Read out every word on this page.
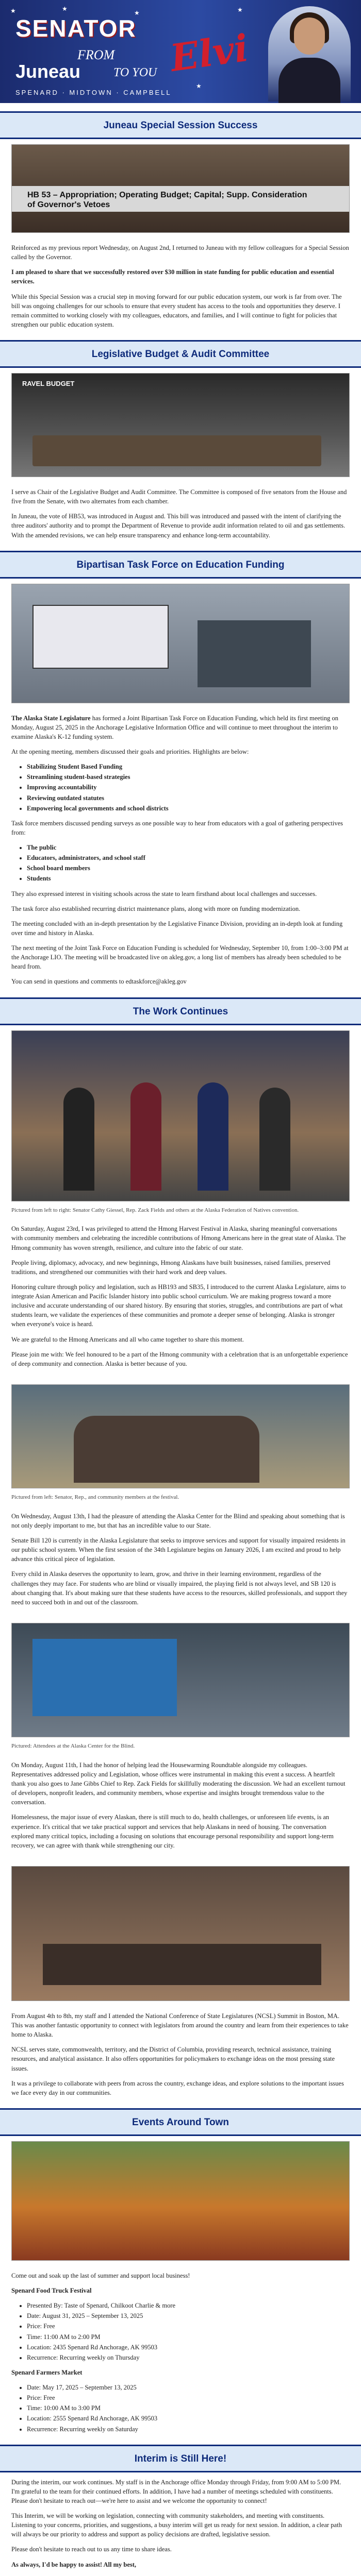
★	★
★	★
★
SENATOR
FROM
Juneau	TO YOU Elvi
SPENARD · MIDTOWN · CAMPBELL
Juneau Special Session Success
HB 53 – Appropriation; Operating Budget; Capital; Supp. Consideration of Governor's Vetoes

Reinforced as my previous report Wednesday, on August 2nd, I returned to Juneau with my fellow colleagues for a Special Session called by the Governor.

I am pleased to share that we successfully restored over $30 million in state funding for public education and essential services.

While this Special Session was a crucial step in moving forward for our public education system, our work is far from over. The bill was ongoing challenges for our schools to ensure that every student has access to the tools and opportunities they deserve. I remain committed to working closely with my colleagues, educators, and families, and I will continue to fight for policies that strengthen our public education system.

Legislative Budget & Audit Committee
RAVEL BUDGET

I serve as Chair of the Legislative Budget and Audit Committee. The Committee is composed of five senators from the House and five from the Senate, with two alternates from each chamber.

In Juneau, the vote of HB53, was introduced in August and. This bill was introduced and passed with the intent of clarifying the three auditors' authority and to prompt the Department of Revenue to provide audit information related to oil and gas settlements. With the amended revisions, we can help ensure transparency and enhance long-term accountability.

Bipartisan Task Force on Education Funding

The Alaska State Legislature has formed a Joint Bipartisan Task Force on Education Funding, which held its first meeting on Monday, August 25, 2025 in the Anchorage Legislative Information Office and will continue to meet throughout the interim to examine Alaska's K-12 funding system.

At the opening meeting, members discussed their goals and priorities. Highlights are below:

• Stabilizing Student Based Funding
• Streamlining student-based strategies
• Improving accountability
• Reviewing outdated statutes
• Empowering local governments and school districts

Task force members discussed pending surveys as one possible way to hear from educators with a goal of gathering perspectives from:

• The public
• Educators, administrators, and school staff
• School board members
• Students

They also expressed interest in visiting schools across the state to learn firsthand about local challenges and successes.

The task force also established recurring district maintenance plans, along with more on funding modernization.

The meeting concluded with an in-depth presentation by the Legislative Finance Division, providing an in-depth look at funding over time and history in Alaska.

The next meeting of the Joint Task Force on Education Funding is scheduled for Wednesday, September 10, from 1:00–3:00 PM at the Anchorage LIO. The meeting will be broadcasted live on akleg.gov, a long list of members has already been scheduled to be heard from.

You can send in questions and comments to edtaskforce@akleg.gov

The Work Continues
Pictured from left to right: Senator Cathy Giessel, Rep. Zack Fields and others at the Alaska Federation of Natives convention.

On Saturday, August 23rd, I was privileged to attend the Hmong Harvest Festival in Alaska, sharing meaningful conversations with community members and celebrating the incredible contributions of Hmong Americans here in the great state of Alaska. The Hmong community has woven strength, resilience, and culture into the fabric of our state.

People living, diplomacy, advocacy, and new beginnings, Hmong Alaskans have built businesses, raised families, preserved traditions, and strengthened our communities with their hard work and deep values.

Honoring culture through policy and legislation, such as HB193 and SB35, I introduced to the current Alaska Legislature, aims to integrate Asian American and Pacific Islander history into public school curriculum. We are making progress toward a more inclusive and accurate understanding of our shared history. By ensuring that stories, struggles, and contributions are part of what students learn, we validate the experiences of these communities and promote a deeper sense of belonging. Alaska is stronger when everyone's voice is heard.

We are grateful to the Hmong Americans and all who came together to share this moment.

Please join me with: We feel honoured to be a part of the Hmong community with a celebration that is an unforgettable experience of deep community and connection. Alaska is better because of you.

Pictured from left: Senator, Rep., and community members at the festival.

On Wednesday, August 13th, I had the pleasure of attending the Alaska Center for the Blind and speaking about something that is not only deeply important to me, but that has an incredible value to our State.

Senate Bill 120 is currently in the Alaska Legislature that seeks to improve services and support for visually impaired residents in our public school system. When the first session of the 34th Legislature begins on January 2026, I am excited and proud to help advance this critical piece of legislation.

Every child in Alaska deserves the opportunity to learn, grow, and thrive in their learning environment, regardless of the challenges they may face. For students who are blind or visually impaired, the playing field is not always level, and SB 120 is about changing that. It's about making sure that these students have access to the resources, skilled professionals, and support they need to succeed both in and out of the classroom.

Pictured: Attendees at the Alaska Center for the Blind.

On Monday, August 11th, I had the honor of helping lead the Housewarming Roundtable alongside my colleagues. Representatives addressed policy and Legislation, whose offices were instrumental in making this event a success. A heartfelt thank you also goes to Jane Gibbs Chief to Rep. Zack Fields for skillfully moderating the discussion. We had an excellent turnout of developers, nonprofit leaders, and community members, whose expertise and insights brought tremendous value to the conversation.

Homelessness, the major issue of every Alaskan, there is still much to do, health challenges, or unforeseen life events, is an experience. It's critical that we take practical support and services that help Alaskans in need of housing. The conversation explored many critical topics, including a focusing on solutions that encourage personal responsibility and support long-term recovery, we can agree with thank while strengthening our city.

From August 4th to 8th, my staff and I attended the National Conference of State Legislatures (NCSL) Summit in Boston, MA. This was another fantastic opportunity to connect with legislators from around the country and learn from their experiences to take home to Alaska.

NCSL serves state, commonwealth, territory, and the District of Columbia, providing research, technical assistance, training resources, and analytical assistance. It also offers opportunities for policymakers to exchange ideas on the most pressing state issues.

It was a privilege to collaborate with peers from across the country, exchange ideas, and explore solutions to the important issues we face every day in our communities.

Events Around Town

Come out and soak up the last of summer and support local business!

Spenard Food Truck Festival

• Presented By: Taste of Spenard, Chilkoot Charlie & more
• Date: August 31, 2025 – September 13, 2025
• Price: Free
• Time: 11:00 AM to 2:00 PM
• Location: 2435 Spenard Rd Anchorage, AK 99503
• Recurrence: Recurring weekly on Thursday

Spenard Farmers Market

• Date: May 17, 2025 – September 13, 2025
• Price: Free
• Time: 10:00 AM to 3:00 PM
• Location: 2555 Spenard Rd Anchorage, AK 99503
• Recurrence: Recurring weekly on Saturday
Interim is Still Here!

During the interim, our work continues. My staff is in the Anchorage office Monday through Friday, from 9:00 AM to 5:00 PM. I'm grateful to the team for their continued efforts. In addition, I have had a number of meetings scheduled with constituents. Please don't hesitate to reach out—we're here to assist and we welcome the opportunity to connect!

This Interim, we will be working on legislation, connecting with community stakeholders, and meeting with constituents. Listening to your concerns, priorities, and suggestions, a busy interim will get us ready for next session. In addition, a clear path will always be our priority to address and support as policy decisions are drafted, legislative session.

Please don't hesitate to reach out to us any time to share ideas.

As always, I'd be happy to assist! All my best,
